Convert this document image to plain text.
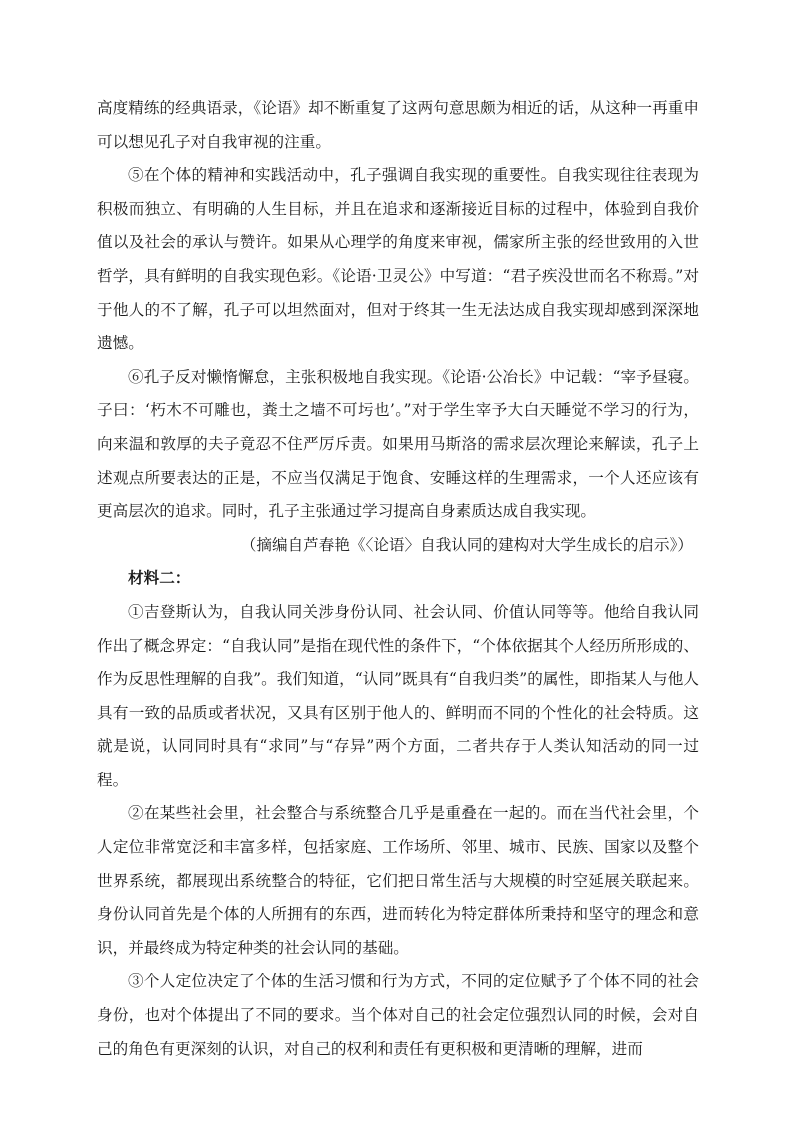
高度精练的经典语录，《论语》却不断重复了这两句意思颇为相近的话，从这种一再重申可以想见孔子对自我审视的注重。

⑤在个体的精神和实践活动中，孔子强调自我实现的重要性。自我实现往往表现为积极而独立、有明确的人生目标，并且在追求和逐渐接近目标的过程中，体验到自我价值以及社会的承认与赞许。如果从心理学的角度来审视，儒家所主张的经世致用的入世哲学，具有鲜明的自我实现色彩。《论语·卫灵公》中写道：“君子疾没世而名不称焉。”对于他人的不了解，孔子可以坦然面对，但对于终其一生无法达成自我实现却感到深深地遗憾。

⑥孔子反对懒惰懈怠，主张积极地自我实现。《论语·公冶长》中记载：“宰予昼寝。子曰：‘朽木不可雕也，粪土之墙不可圬也’。”对于学生宰予大白天睡觉不学习的行为，向来温和敦厚的夫子竟忍不住严厉斥责。如果用马斯洛的需求层次理论来解读，孔子上述观点所要表达的正是，不应当仅满足于饱食、安睡这样的生理需求，一个人还应该有更高层次的追求。同时，孔子主张通过学习提高自身素质达成自我实现。

（摘编自芦春艳《〈论语〉自我认同的建构对大学生成长的启示》）

材料二：

①吉登斯认为，自我认同关涉身份认同、社会认同、价值认同等等。他给自我认同作出了概念界定：“自我认同”是指在现代性的条件下，“个体依据其个人经历所形成的、作为反思性理解的自我”。我们知道，“认同”既具有“自我归类”的属性，即指某人与他人具有一致的品质或者状况，又具有区别于他人的、鲜明而不同的个性化的社会特质。这就是说，认同同时具有“求同”与“存异”两个方面，二者共存于人类认知活动的同一过程。

②在某些社会里，社会整合与系统整合几乎是重叠在一起的。而在当代社会里，个人定位非常宽泛和丰富多样，包括家庭、工作场所、邻里、城市、民族、国家以及整个世界系统，都展现出系统整合的特征，它们把日常生活与大规模的时空延展关联起来。身份认同首先是个体的人所拥有的东西，进而转化为特定群体所秉持和坚守的理念和意识，并最终成为特定种类的社会认同的基础。

③个人定位决定了个体的生活习惯和行为方式，不同的定位赋予了个体不同的社会身份，也对个体提出了不同的要求。当个体对自己的社会定位强烈认同的时候，会对自己的角色有更深刻的认识，对自己的权利和责任有更积极和更清晰的理解，进而
